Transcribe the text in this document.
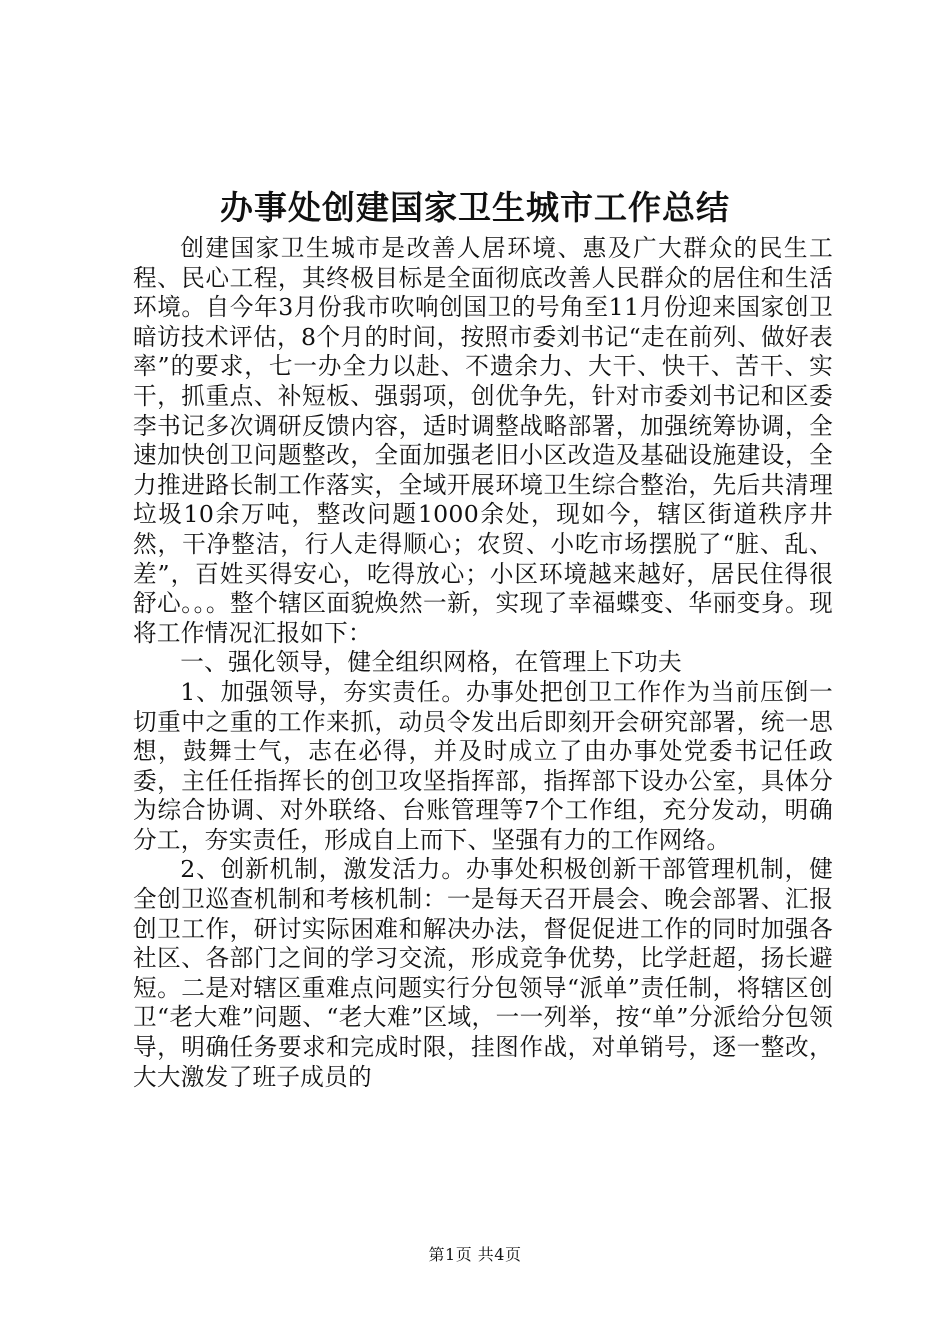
办事处创建国家卫生城市工作总结

创建国家卫生城市是改善人居环境、惠及广大群众的民生工程、民心工程，其终极目标是全面彻底改善人民群众的居住和生活环境。自今年3月份我市吹响创国卫的号角至11月份迎来国家创卫暗访技术评估，8个月的时间，按照市委刘书记“走在前列、做好表率”的要求，七一办全力以赴、不遗余力、大干、快干、苦干、实干，抓重点、补短板、强弱项，创优争先，针对市委刘书记和区委李书记多次调研反馈内容，适时调整战略部署，加强统筹协调，全速加快创卫问题整改，全面加强老旧小区改造及基础设施建设，全力推进路长制工作落实，全域开展环境卫生综合整治，先后共清理垃圾10余万吨，整改问题1000余处，现如今，辖区街道秩序井然，干净整洁，行人走得顺心；农贸、小吃市场摆脱了“脏、乱、差”，百姓买得安心，吃得放心；小区环境越来越好，居民住得很舒心。。。整个辖区面貌焕然一新，实现了幸福蝶变、华丽变身。现将工作情况汇报如下：

一、强化领导，健全组织网格，在管理上下功夫

1、加强领导，夯实责任。办事处把创卫工作作为当前压倒一切重中之重的工作来抓，动员令发出后即刻开会研究部署，统一思想，鼓舞士气，志在必得，并及时成立了由办事处党委书记任政委，主任任指挥长的创卫攻坚指挥部，指挥部下设办公室，具体分为综合协调、对外联络、台账管理等7个工作组，充分发动，明确分工，夯实责任，形成自上而下、坚强有力的工作网络。

2、创新机制，激发活力。办事处积极创新干部管理机制，健全创卫巡查机制和考核机制：一是每天召开晨会、晚会部署、汇报创卫工作，研讨实际困难和解决办法，督促促进工作的同时加强各社区、各部门之间的学习交流，形成竞争优势，比学赶超，扬长避短。二是对辖区重难点问题实行分包领导“派单”责任制，将辖区创卫“老大难”问题、“老大难”区域，一一列举，按“单”分派给分包领导，明确任务要求和完成时限，挂图作战，对单销号，逐一整改，大大激发了班子成员的

第1页 共4页
